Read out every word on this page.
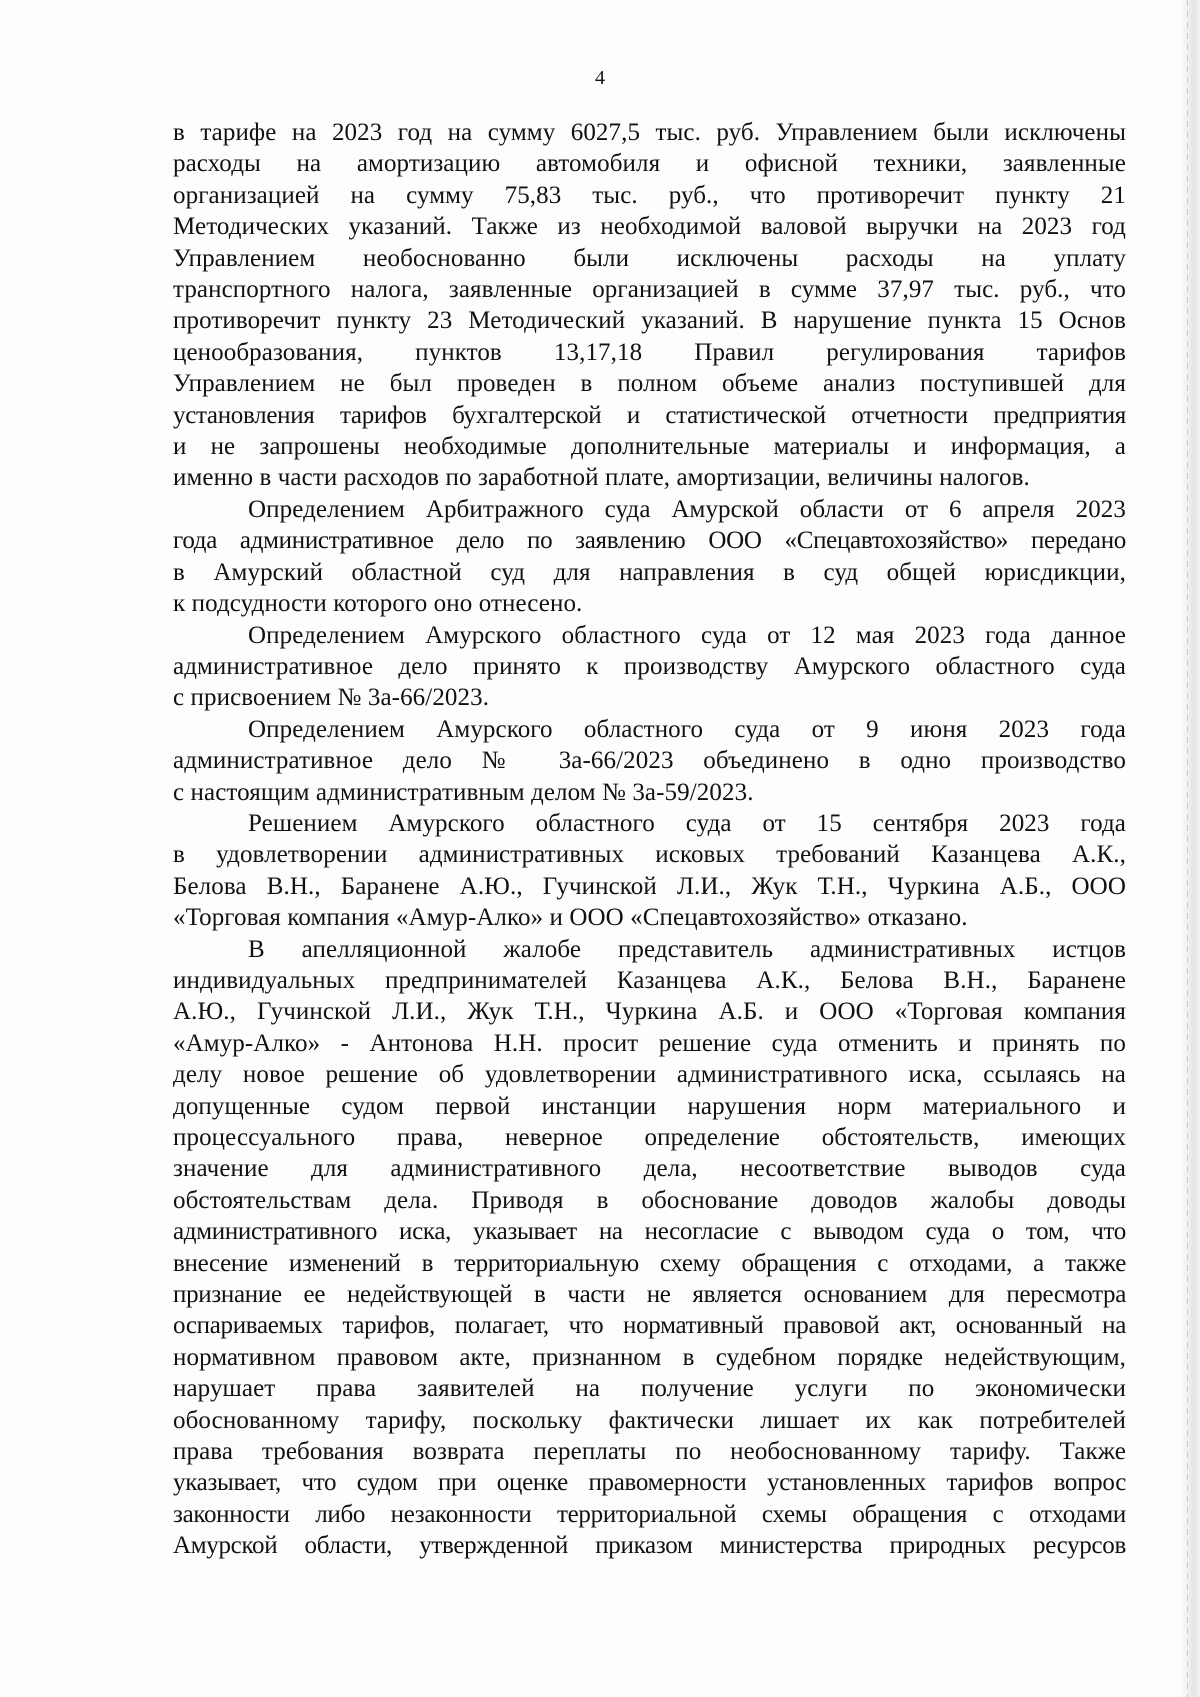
4

в тарифе на 2023 год на сумму 6027,5 тыс. руб. Управлением были исключены

расходы на амортизацию автомобиля и офисной техники, заявленные

организацией на сумму 75,83 тыс. руб., что противоречит пункту 21

Методических указаний. Также из необходимой валовой выручки на 2023 год

Управлением необоснованно были исключены расходы на уплату

транспортного налога, заявленные организацией в сумме 37,97 тыс. руб., что

противоречит пункту 23 Методический указаний. В нарушение пункта 15 Основ

ценообразования, пунктов 13,17,18 Правил регулирования тарифов

Управлением не был проведен в полном объеме анализ поступившей для

установления тарифов бухгалтерской и статистической отчетности предприятия

и не запрошены необходимые дополнительные материалы и информация, а

именно в части расходов по заработной плате, амортизации, величины налогов.

Определением Арбитражного суда Амурской области от 6 апреля 2023

года административное дело по заявлению ООО «Спецавтохозяйство» передано

в Амурский областной суд для направления в суд общей юрисдикции,

к подсудности которого оно отнесено.

Определением Амурского областного суда от 12 мая 2023 года данное

административное дело принято к производству Амурского областного суда

с присвоением № 3а-66/2023.

Определением Амурского областного суда от 9 июня 2023 года

административное дело № 3а-66/2023 объединено в одно производство

с настоящим административным делом № 3а-59/2023.

Решением Амурского областного суда от 15 сентября 2023 года

в удовлетворении административных исковых требований Казанцева А.К.,

Белова В.Н., Баранене А.Ю., Гучинской Л.И., Жук Т.Н., Чуркина А.Б., ООО

«Торговая компания «Амур-Алко» и ООО «Спецавтохозяйство» отказано.

В апелляционной жалобе представитель административных истцов

индивидуальных предпринимателей Казанцева А.К., Белова В.Н., Баранене

А.Ю., Гучинской Л.И., Жук Т.Н., Чуркина А.Б. и ООО «Торговая компания

«Амур-Алко» - Антонова Н.Н. просит решение суда отменить и принять по

делу новое решение об удовлетворении административного иска, ссылаясь на

допущенные судом первой инстанции нарушения норм материального и

процессуального права, неверное определение обстоятельств, имеющих

значение для административного дела, несоответствие выводов суда

обстоятельствам дела. Приводя в обоснование доводов жалобы доводы

административного иска, указывает на несогласие с выводом суда о том, что

внесение изменений в территориальную схему обращения с отходами, а также

признание ее недействующей в части не является основанием для пересмотра

оспариваемых тарифов, полагает, что нормативный правовой акт, основанный на

нормативном правовом акте, признанном в судебном порядке недействующим,

нарушает права заявителей на получение услуги по экономически

обоснованному тарифу, поскольку фактически лишает их как потребителей

права требования возврата переплаты по необоснованному тарифу. Также

указывает, что судом при оценке правомерности установленных тарифов вопрос

законности либо незаконности территориальной схемы обращения с отходами

Амурской области, утвержденной приказом министерства природных ресурсов
